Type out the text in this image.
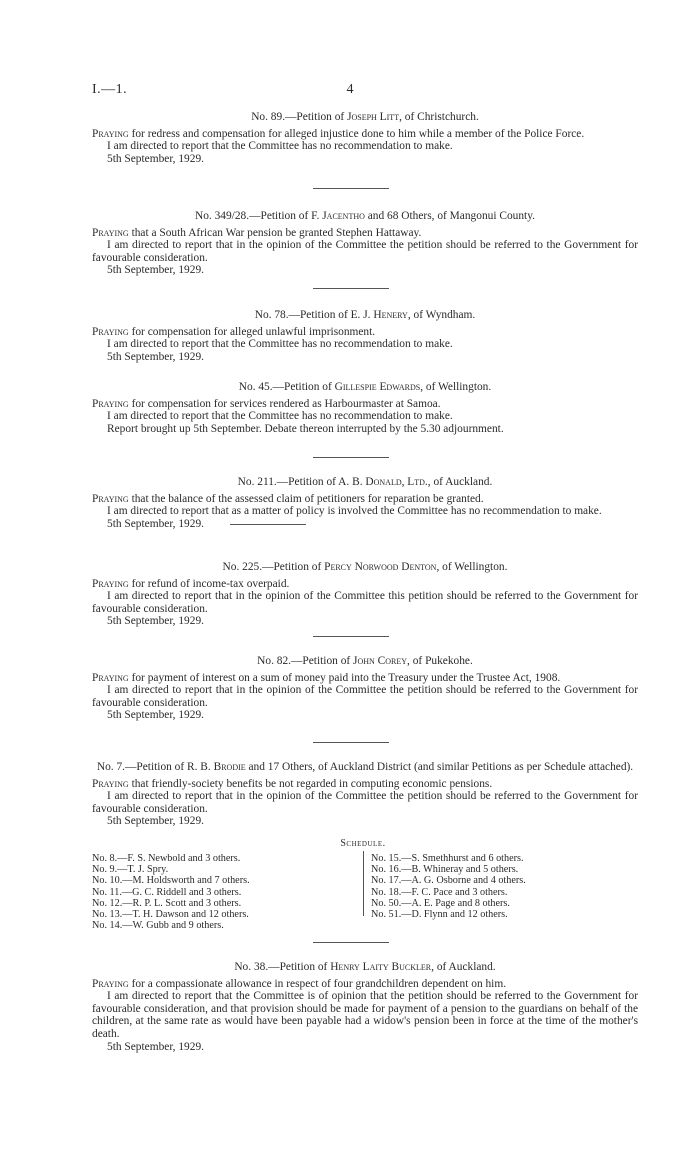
I.—1.	4
No. 89.—Petition of Joseph Litt, of Christchurch.

Praying for redress and compensation for alleged injustice done to him while a member of the Police Force.

I am directed to report that the Committee has no recommendation to make.

5th September, 1929.

No. 349/28.—Petition of F. Jacentho and 68 Others, of Mangonui County.

Praying that a South African War pension be granted Stephen Hattaway.

I am directed to report that in the opinion of the Committee the petition should be referred to the Government for favourable consideration.

5th September, 1929.

No. 78.—Petition of E. J. Henery, of Wyndham.

Praying for compensation for alleged unlawful imprisonment.

I am directed to report that the Committee has no recommendation to make.

5th September, 1929.

No. 45.—Petition of Gillespie Edwards, of Wellington.

Praying for compensation for services rendered as Harbourmaster at Samoa.

I am directed to report that the Committee has no recommendation to make.

Report brought up 5th September. Debate thereon interrupted by the 5.30 adjournment.

No. 211.—Petition of A. B. Donald, Ltd., of Auckland.

Praying that the balance of the assessed claim of petitioners for reparation be granted.

I am directed to report that as a matter of policy is involved the Committee has no recommendation to make.

5th September, 1929.

No. 225.—Petition of Percy Norwood Denton, of Wellington.

Praying for refund of income-tax overpaid.

I am directed to report that in the opinion of the Committee this petition should be referred to the Government for favourable consideration.

5th September, 1929.

No. 82.—Petition of John Corey, of Pukekohe.

Praying for payment of interest on a sum of money paid into the Treasury under the Trustee Act, 1908.

I am directed to report that in the opinion of the Committee the petition should be referred to the Government for favourable consideration.

5th September, 1929.

No. 7.—Petition of R. B. Brodie and 17 Others, of Auckland District (and similar Petitions as per Schedule attached).

Praying that friendly-society benefits be not regarded in computing economic pensions.

I am directed to report that in the opinion of the Committee the petition should be referred to the Government for favourable consideration.

5th September, 1929.

Schedule.
No. 8.—F. S. Newbold and 3 others.
No. 9.—T. J. Spry.
No. 10.—M. Holdsworth and 7 others.
No. 11.—G. C. Riddell and 3 others.
No. 12.—R. P. L. Scott and 3 others.
No. 13.—T. H. Dawson and 12 others.
No. 14.—W. Gubb and 9 others.
No. 15.—S. Smethhurst and 6 others.
No. 16.—B. Whineray and 5 others.
No. 17.—A. G. Osborne and 4 others.
No. 18.—F. C. Pace and 3 others.
No. 50.—A. E. Page and 8 others.
No. 51.—D. Flynn and 12 others.
No. 38.—Petition of Henry Laity Buckler, of Auckland.

Praying for a compassionate allowance in respect of four grandchildren dependent on him.

I am directed to report that the Committee is of opinion that the petition should be referred to the Government for favourable consideration, and that provision should be made for payment of a pension to the guardians on behalf of the children, at the same rate as would have been payable had a widow's pension been in force at the time of the mother's death.

5th September, 1929.
